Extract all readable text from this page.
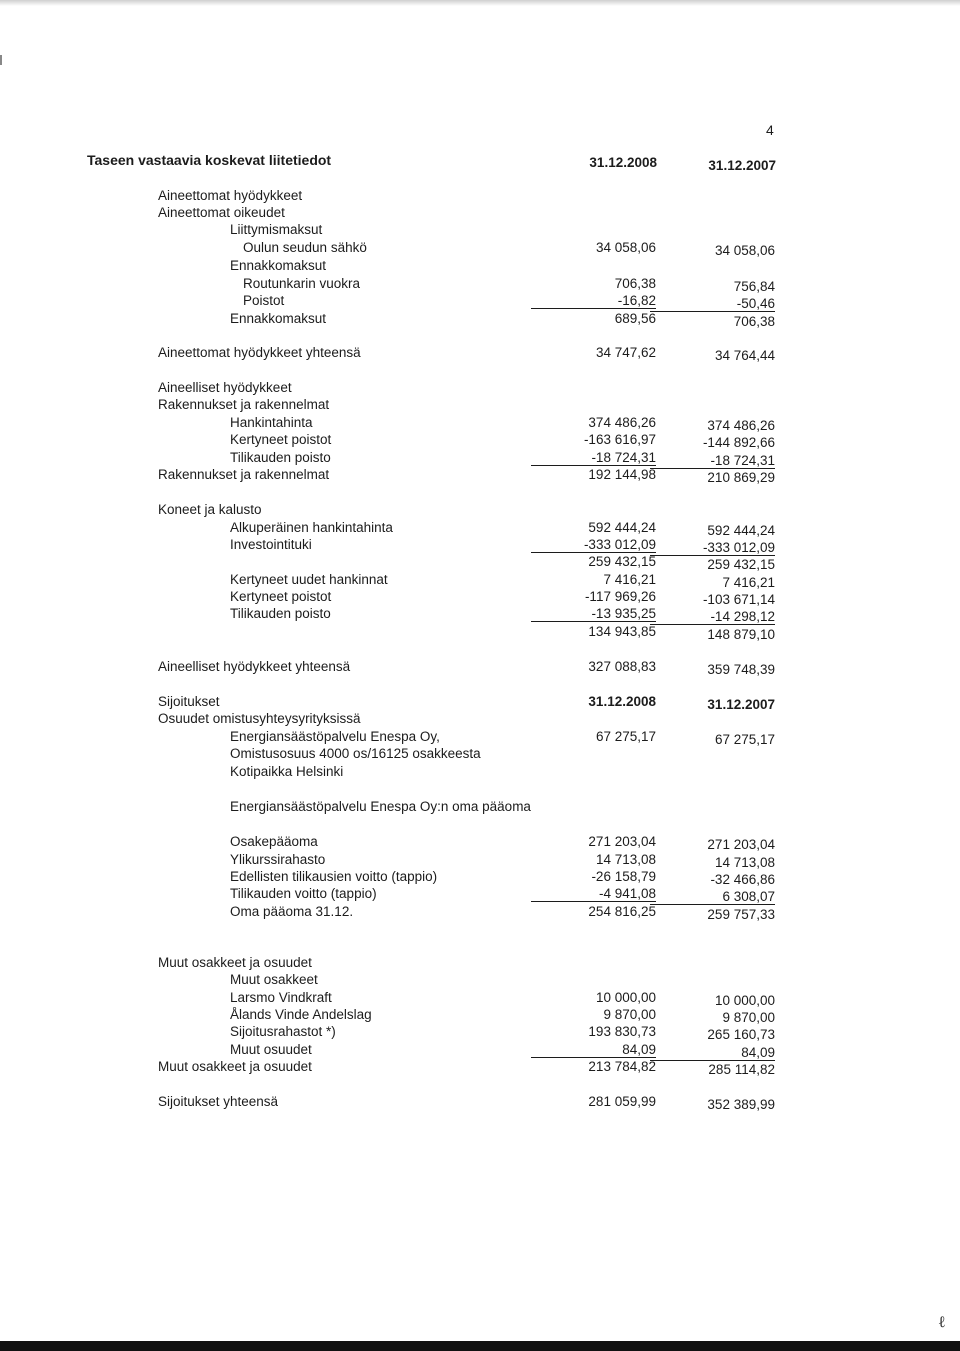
4
Taseen vastaavia koskevat liitetiedot	31.12.2008	31.12.2007
Aineettomat hyödykkeet
Aineettomat oikeudet
Liittymismaksut
Oulun seudun sähkö	34 058,06	34 058,06
Ennakkomaksut
Routunkarin vuokra	706,38	756,84
Poistot	-16,82	-50,46
Ennakkomaksut	689,56	706,38
Aineettomat hyödykkeet yhteensä	34 747,62	34 764,44
Aineelliset hyödykkeet
Rakennukset ja rakennelmat
Hankintahinta	374 486,26	374 486,26
Kertyneet poistot	-163 616,97	-144 892,66
Tilikauden poisto	-18 724,31	-18 724,31
Rakennukset ja rakennelmat	192 144,98	210 869,29
Koneet ja kalusto
Alkuperäinen hankintahinta	592 444,24	592 444,24
Investointituki	-333 012,09	-333 012,09
259 432,15	259 432,15
Kertyneet uudet hankinnat	7 416,21	7 416,21
Kertyneet poistot	-117 969,26	-103 671,14
Tilikauden poisto	-13 935,25	-14 298,12
134 943,85	148 879,10
Aineelliset hyödykkeet yhteensä	327 088,83	359 748,39
Sijoitukset	31.12.2008	31.12.2007
Osuudet omistusyhteysyrityksissä
Energiansäästöpalvelu Enespa Oy,	67 275,17	67 275,17
Omistusosuus 4000 os/16125 osakkeesta
Kotipaikka Helsinki
Energiansäästöpalvelu Enespa Oy:n oma pääoma
Osakepääoma	271 203,04	271 203,04
Ylikurssirahasto	14 713,08	14 713,08
Edellisten tilikausien voitto (tappio)	-26 158,79	-32 466,86
Tilikauden voitto (tappio)	-4 941,08	6 308,07
Oma pääoma 31.12.	254 816,25	259 757,33
Muut osakkeet ja osuudet
Muut osakkeet
Larsmo Vindkraft	10 000,00	10 000,00
Ålands Vinde Andelslag	9 870,00	9 870,00
Sijoitusrahastot *)	193 830,73	265 160,73
Muut osuudet	84,09	84,09
Muut osakkeet ja osuudet	213 784,82	285 114,82
Sijoitukset yhteensä	281 059,99	352 389,99
ℓ
